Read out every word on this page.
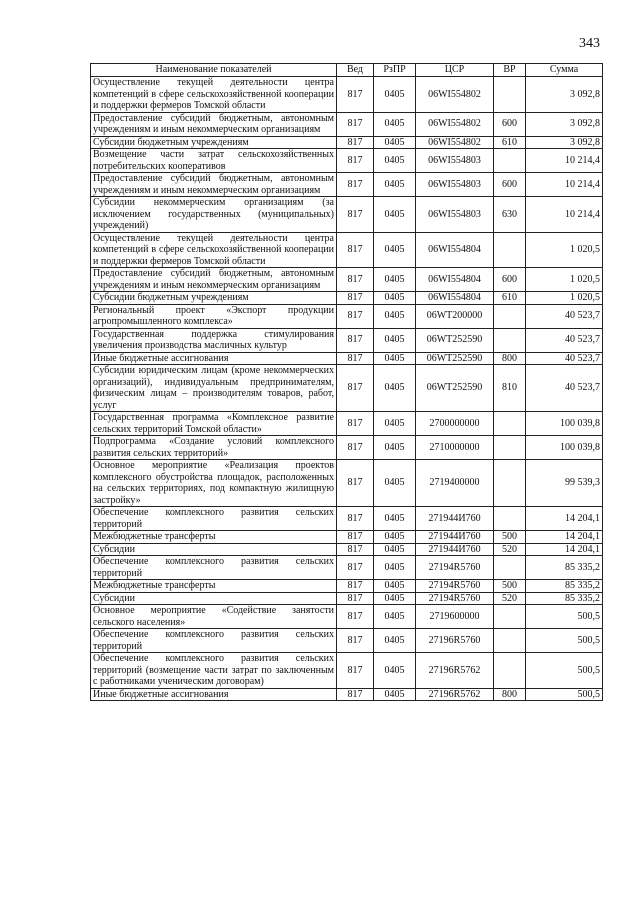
343
Наименование показателей	Вед	РзПР	ЦСР	ВР	Сумма
Осуществление текущей деятельности центра компетенций в сфере сельскохозяйственной кооперации и поддержки фермеров Томской области	817	0405	06WI554802		3 092,8
Предоставление субсидий бюджетным, автономным учреждениям и иным некоммерческим организациям	817	0405	06WI554802	600	3 092,8
Субсидии бюджетным учреждениям	817	0405	06WI554802	610	3 092,8
Возмещение части затрат сельскохозяйственных потребительских кооперативов	817	0405	06WI554803		10 214,4
Предоставление субсидий бюджетным, автономным учреждениям и иным некоммерческим организациям	817	0405	06WI554803	600	10 214,4
Субсидии некоммерческим организациям (за исключением государственных (муниципальных) учреждений)	817	0405	06WI554803	630	10 214,4
Осуществление текущей деятельности центра компетенций в сфере сельскохозяйственной кооперации и поддержки фермеров Томской области	817	0405	06WI554804		1 020,5
Предоставление субсидий бюджетным, автономным учреждениям и иным некоммерческим организациям	817	0405	06WI554804	600	1 020,5
Субсидии бюджетным учреждениям	817	0405	06WI554804	610	1 020,5
Региональный проект «Экспорт продукции агропромышленного комплекса»	817	0405	06WT200000		40 523,7
Государственная поддержка стимулирования увеличения производства масличных культур	817	0405	06WT252590		40 523,7
Иные бюджетные ассигнования	817	0405	06WT252590	800	40 523,7
Субсидии юридическим лицам (кроме некоммерческих организаций), индивидуальным предпринимателям, физическим лицам – производителям товаров, работ, услуг	817	0405	06WT252590	810	40 523,7
Государственная программа «Комплексное развитие сельских территорий Томской области»	817	0405	2700000000		100 039,8
Подпрограмма «Создание условий комплексного развития сельских территорий»	817	0405	2710000000		100 039,8
Основное мероприятие «Реализация проектов комплексного обустройства площадок, расположенных на сельских территориях, под компактную жилищную застройку»	817	0405	2719400000		99 539,3
Обеспечение комплексного развития сельских территорий	817	0405	271944И760		14 204,1
Межбюджетные трансферты	817	0405	271944И760	500	14 204,1
Субсидии	817	0405	271944И760	520	14 204,1
Обеспечение комплексного развития сельских территорий	817	0405	27194R5760		85 335,2
Межбюджетные трансферты	817	0405	27194R5760	500	85 335,2
Субсидии	817	0405	27194R5760	520	85 335,2
Основное мероприятие «Содействие занятости сельского населения»	817	0405	2719600000		500,5
Обеспечение комплексного развития сельских территорий	817	0405	27196R5760		500,5
Обеспечение комплексного развития сельских территорий (возмещение части затрат по заключенным с работниками ученическим договорам)	817	0405	27196R5762		500,5
Иные бюджетные ассигнования	817	0405	27196R5762	800	500,5
